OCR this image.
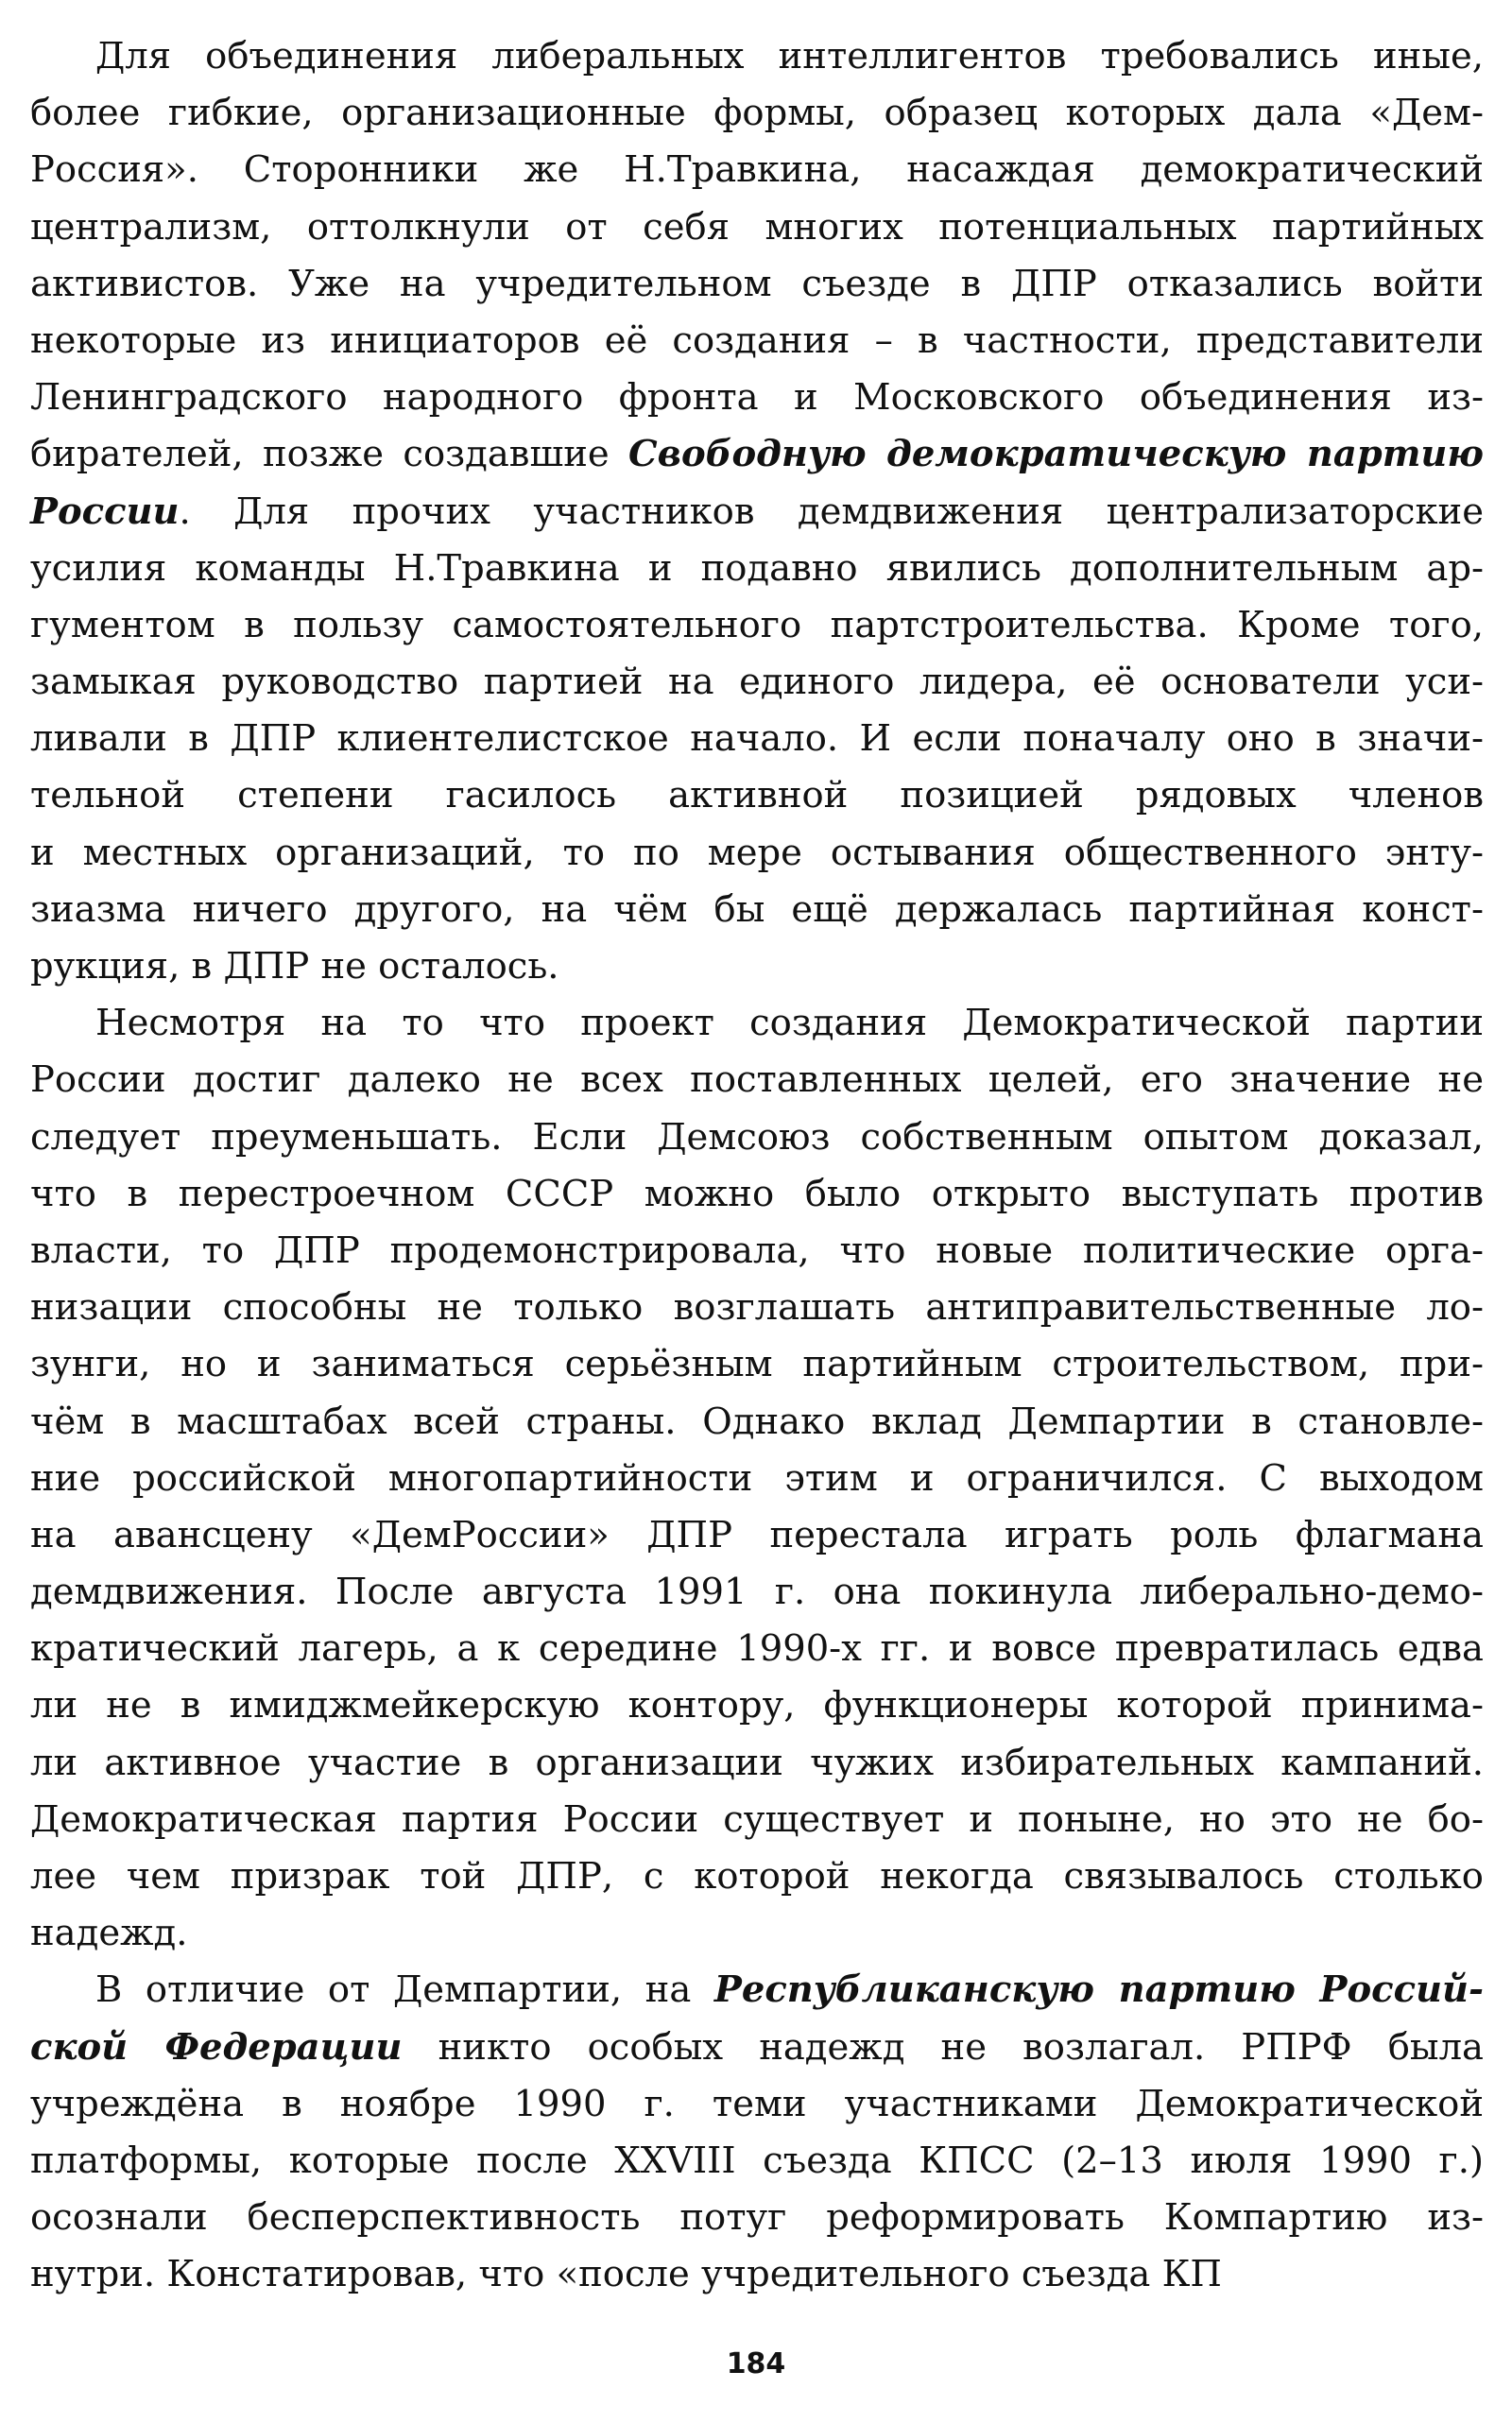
Для объединения либеральных интеллигентов требовались иные,
более гибкие, организационные формы, образец которых дала «Дем-
Россия». Сторонники же Н.Травкина, насаждая демократический
централизм, оттолкнули от себя многих потенциальных партийных
активистов. Уже на учредительном съезде в ДПР отказались войти
некоторые из инициаторов её создания – в частности, представители
Ленинградского народного фронта и Московского объединения из-
бирателей, позже создавшие Свободную демократическую партию
России. Для прочих участников демдвижения централизаторские
усилия команды Н.Травкина и подавно явились дополнительным ар-
гументом в пользу самостоятельного партстроительства. Кроме того,
замыкая руководство партией на единого лидера, её основатели уси-
ливали в ДПР клиентелистское начало. И если поначалу оно в значи-
тельной степени гасилось активной позицией рядовых членов
и местных организаций, то по мере остывания общественного энту-
зиазма ничего другого, на чём бы ещё держалась партийная конст-
рукция, в ДПР не осталось.
Несмотря на то что проект создания Демократической партии
России достиг далеко не всех поставленных целей, его значение не
следует преуменьшать. Если Демсоюз собственным опытом доказал,
что в перестроечном СССР можно было открыто выступать против
власти, то ДПР продемонстрировала, что новые политические орга-
низации способны не только возглашать антиправительственные ло-
зунги, но и заниматься серьёзным партийным строительством, при-
чём в масштабах всей страны. Однако вклад Демпартии в становле-
ние российской многопартийности этим и ограничился. С выходом
на авансцену «ДемРоссии» ДПР перестала играть роль флагмана
демдвижения. После августа 1991 г. она покинула либерально-демо-
кратический лагерь, а к середине 1990-х гг. и вовсе превратилась едва
ли не в имиджмейкерскую контору, функционеры которой принима-
ли активное участие в организации чужих избирательных кампаний.
Демократическая партия России существует и поныне, но это не бо-
лее чем призрак той ДПР, с которой некогда связывалось столько
надежд.
В отличие от Демпартии, на Республиканскую партию Россий-
ской Федерации никто особых надежд не возлагал. РПРФ была
учреждёна в ноябре 1990 г. теми участниками Демократической
платформы, которые после XXVIII съезда КПСС (2–13 июля 1990 г.)
осознали бесперспективность потуг реформировать Компартию из-
нутри. Констатировав, что «после учредительного съезда КП
184
